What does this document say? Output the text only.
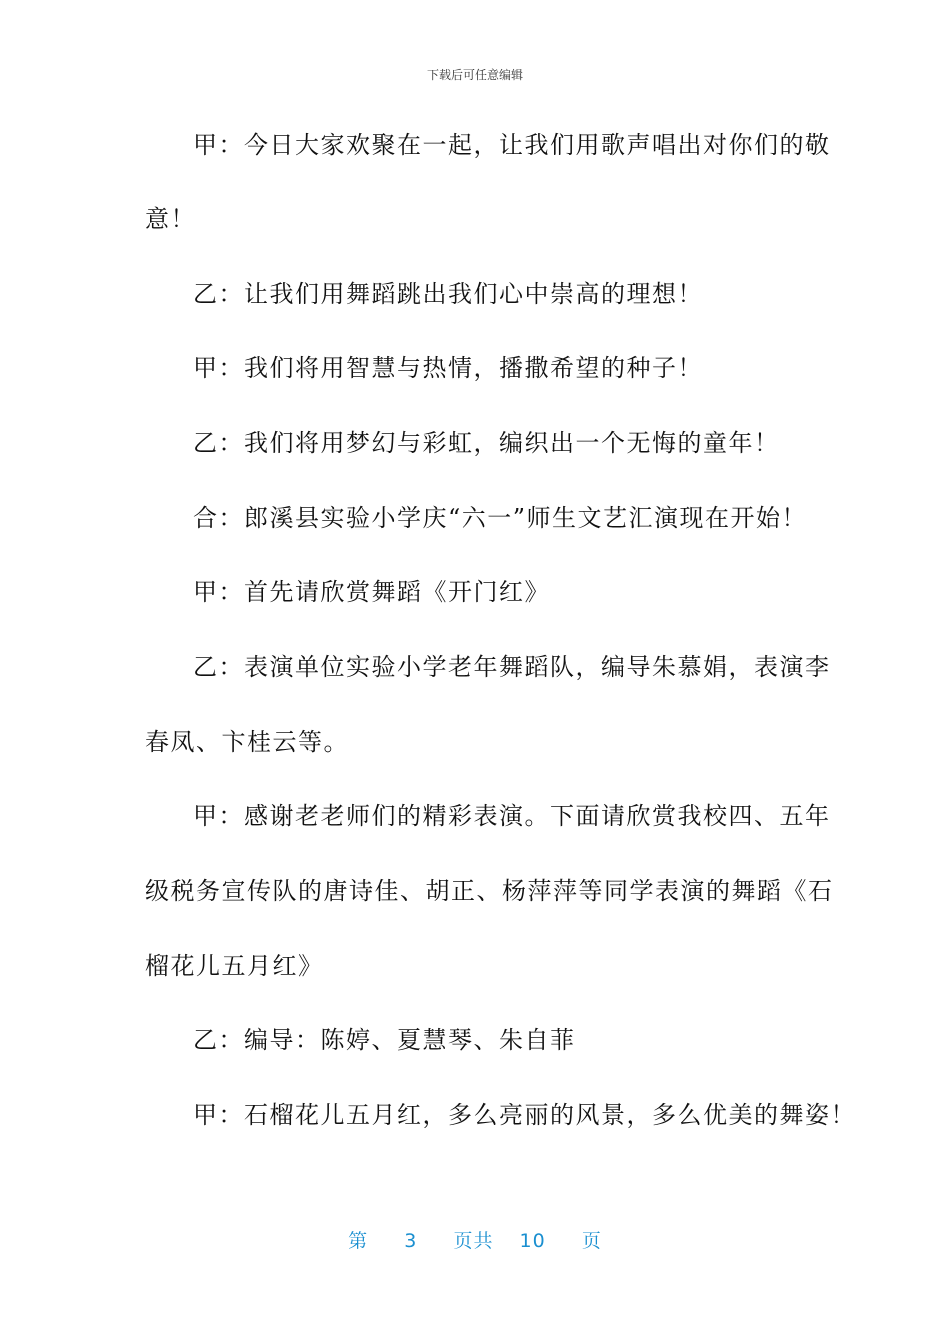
下载后可任意编辑
甲：今日大家欢聚在一起，让我们用歌声唱出对你们的敬
意！
乙：让我们用舞蹈跳出我们心中崇高的理想！
甲：我们将用智慧与热情，播撒希望的种子！
乙：我们将用梦幻与彩虹，编织出一个无悔的童年！
合：郎溪县实验小学庆“六一”师生文艺汇演现在开始！
甲：首先请欣赏舞蹈《开门红》
乙：表演单位实验小学老年舞蹈队，编导朱慕娟，表演李
春凤、卞桂云等。
甲：感谢老老师们的精彩表演。下面请欣赏我校四、五年
级税务宣传队的唐诗佳、胡正、杨萍萍等同学表演的舞蹈《石
榴花儿五月红》
乙：编导：陈婷、夏慧琴、朱自菲
甲：石榴花儿五月红，多么亮丽的风景，多么优美的舞姿！
第 3 页共 10 页
